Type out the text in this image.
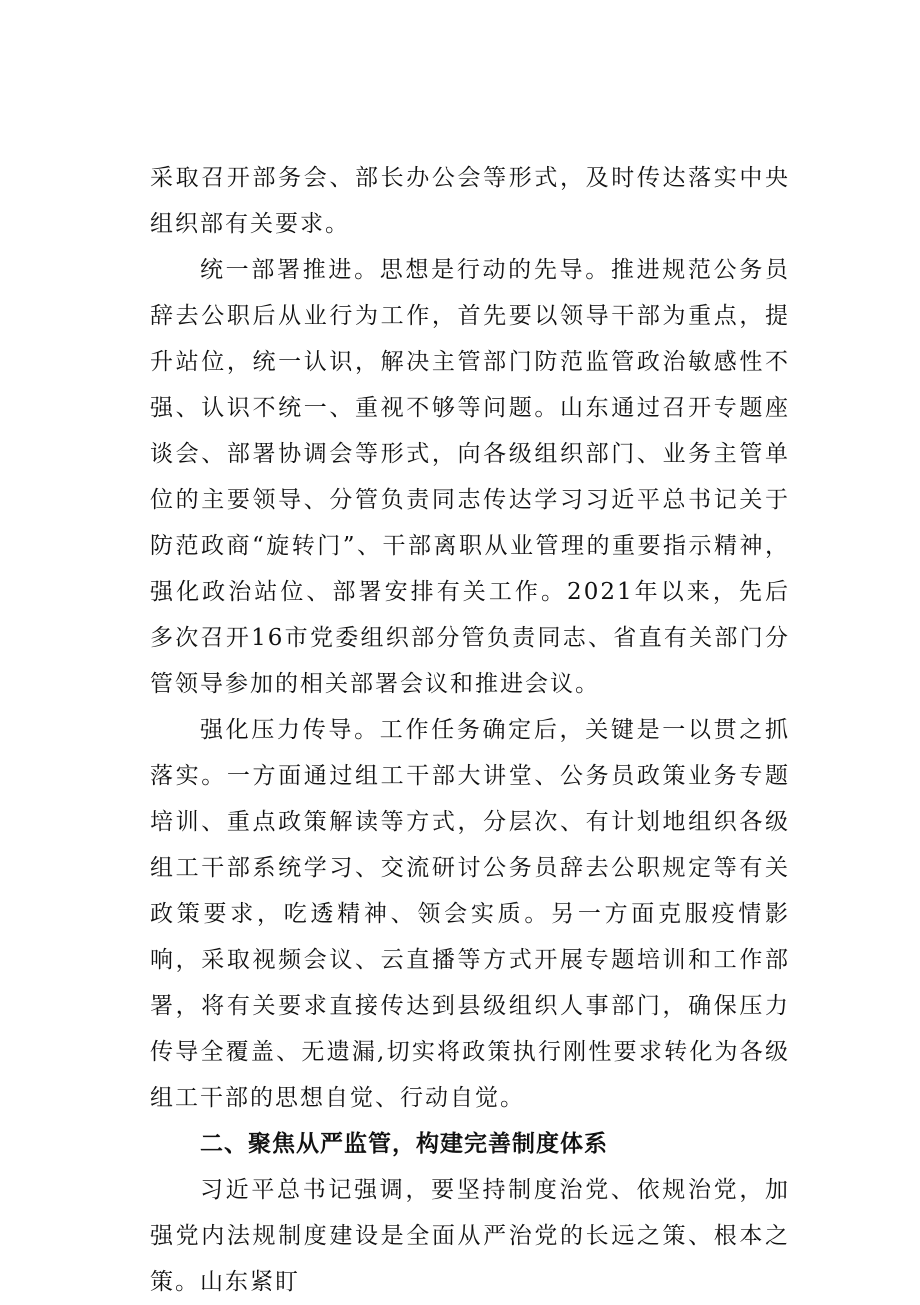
采取召开部务会、部长办公会等形式，及时传达落实中央组织部有关要求。

统一部署推进。思想是行动的先导。推进规范公务员辞去公职后从业行为工作，首先要以领导干部为重点，提升站位，统一认识，解决主管部门防范监管政治敏感性不强、认识不统一、重视不够等问题。山东通过召开专题座谈会、部署协调会等形式，向各级组织部门、业务主管单位的主要领导、分管负责同志传达学习习近平总书记关于防范政商“旋转门”、干部离职从业管理的重要指示精神，强化政治站位、部署安排有关工作。2021年以来，先后多次召开16市党委组织部分管负责同志、省直有关部门分管领导参加的相关部署会议和推进会议。

强化压力传导。工作任务确定后，关键是一以贯之抓落实。一方面通过组工干部大讲堂、公务员政策业务专题培训、重点政策解读等方式，分层次、有计划地组织各级组工干部系统学习、交流研讨公务员辞去公职规定等有关政策要求，吃透精神、领会实质。另一方面克服疫情影响，采取视频会议、云直播等方式开展专题培训和工作部署，将有关要求直接传达到县级组织人事部门，确保压力传导全覆盖、无遗漏,切实将政策执行刚性要求转化为各级组工干部的思想自觉、行动自觉。

二、聚焦从严监管，构建完善制度体系

习近平总书记强调，要坚持制度治党、依规治党，加强党内法规制度建设是全面从严治党的长远之策、根本之策。山东紧盯
